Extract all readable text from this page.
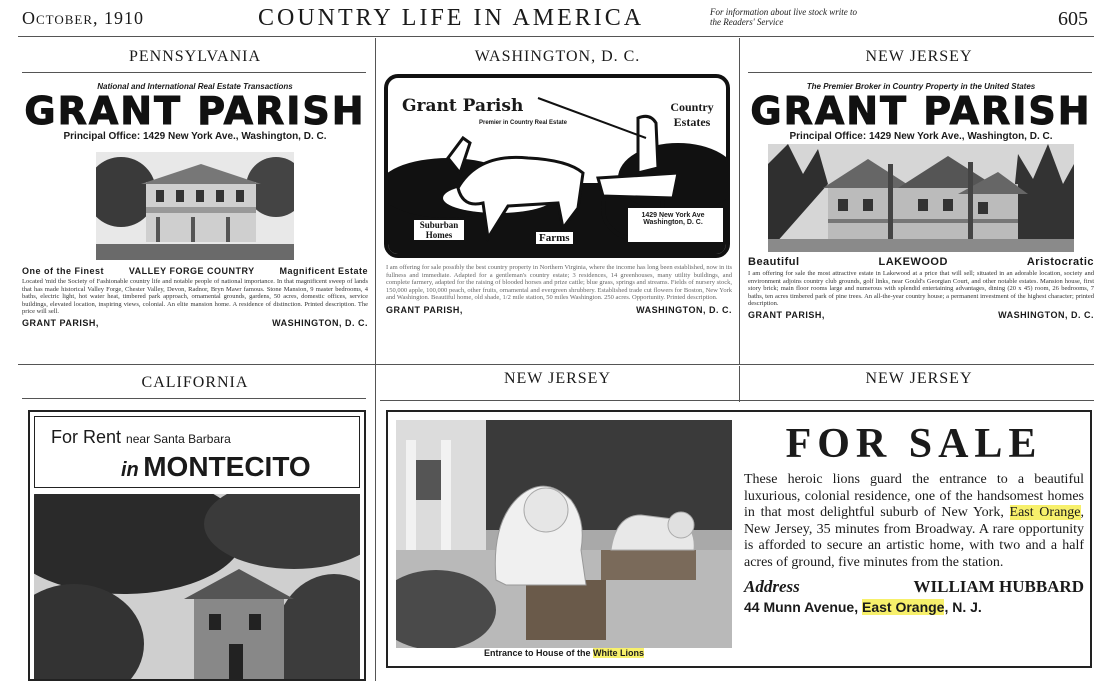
October, 1910	COUNTRY LIFE IN AMERICA	For information about live stock write to the Readers' Service	605
PENNSYLVANIA	WASHINGTON, D. C.	NEW JERSEY
National and International Real Estate Transactions
GRANT PARISH
Principal Office: 1429 New York Ave., Washington, D. C.
One of the Finest	VALLEY FORGE COUNTRY	Magnificent Estate
Located 'mid the Society of Fashionable country life and notable people of national importance. In that magnificent sweep of lands that has made historical Valley Forge, Chester Valley, Devon, Radnor, Bryn Mawr famous. Stone Mansion, 9 master bedrooms, 4 baths, electric light, hot water heat, timbered park approach, ornamental grounds, gardens, 50 acres, domestic offices, service buildings, elevated location, inspiring views, colonial. An elite mansion home. A residence of distinction. Printed description. The price will sell.
GRANT PARISH,	WASHINGTON, D. C.
Grant Parish
Premier in Country Real Estate
Country Estates
Suburban Homes	Farms
1429 New York Ave Washington, D. C.
I am offering for sale possibly the best country property in Northern Virginia, where the income has long been established, now in its fullness and immediate. Adapted for a gentleman's country estate; 3 residences, 14 greenhouses, many utility buildings, and complete farmery, adapted for the raising of blooded horses and prize cattle; blue grass, springs and streams. Fields of nursery stock, 150,000 apple, 100,000 peach, other fruits, ornamental and evergreen shrubbery. Established trade cut flowers for Boston, New York and Washington. Beautiful home, old shade, 1/2 mile station, 50 miles Washington. 250 acres. Opportunity. Printed description.
GRANT PARISH,	WASHINGTON, D. C.
The Premier Broker in Country Property in the United States
GRANT PARISH
Principal Office: 1429 New York Ave., Washington, D. C.
Beautiful	LAKEWOOD	Aristocratic
I am offering for sale the most attractive estate in Lakewood at a price that will sell; situated in an adorable location, society and environment adjoins country club grounds, golf links, near Gould's Georgian Court, and other notable estates. Mansion house, first story brick; main floor rooms large and numerous with splendid entertaining advantages, dining (20 x 45) room, 26 bedrooms, 7 baths, ten acres timbered park of pine trees. An all-the-year country house; a permanent investment of the highest character; printed description.
GRANT PARISH,	WASHINGTON, D. C.
CALIFORNIA	NEW JERSEY	NEW JERSEY
For Rent near Santa Barbara
in MONTECITO
Entrance to House of the White Lions
FOR SALE
These heroic lions guard the entrance to a beautiful luxurious, colonial residence, one of the handsomest homes in that most delightful suburb of New York, East Orange, New Jersey, 35 minutes from Broadway. A rare opportunity is afforded to secure an artistic home, with two and a half acres of ground, five minutes from the station.
Address	WILLIAM HUBBARD
44 Munn Avenue, East Orange, N. J.
